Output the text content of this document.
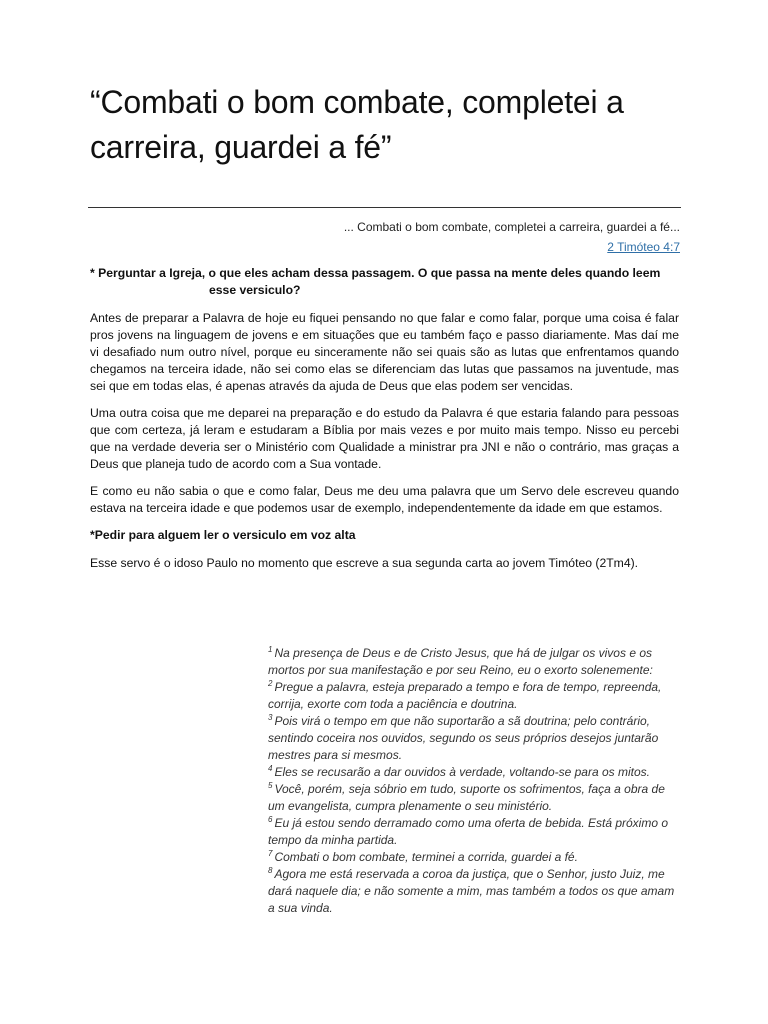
“Combati o bom combate, completei a carreira, guardei a fé”
... Combati o bom combate, completei a carreira, guardei a fé...
2 Timóteo 4:7

* Perguntar a Igreja, o que eles acham dessa passagem. O que passa na mente deles quando leem
esse versiculo?

Antes de preparar a Palavra de hoje eu fiquei pensando no que falar e como falar, porque uma coisa é falar pros jovens na linguagem de jovens e em situações que eu também faço e passo diariamente. Mas daí me vi desafiado num outro nível, porque eu sinceramente não sei quais são as lutas que enfrentamos quando chegamos na terceira idade, não sei como elas se diferenciam das lutas que passamos na juventude, mas sei que em todas elas, é apenas através da ajuda de Deus que elas podem ser vencidas.

Uma outra coisa que me deparei na preparação e do estudo da Palavra é que estaria falando para pessoas que com certeza, já leram e estudaram a Bíblia por mais vezes e por muito mais tempo. Nisso eu percebi que na verdade deveria ser o Ministério com Qualidade a ministrar pra JNI e não o contrário, mas graças a Deus que planeja tudo de acordo com a Sua vontade.

E como eu não sabia o que e como falar, Deus me deu uma palavra que um Servo dele escreveu quando estava na terceira idade e que podemos usar de exemplo, independentemente da idade em que estamos.

*Pedir para alguem ler o versiculo em voz alta

Esse servo é o idoso Paulo no momento que escreve a sua segunda carta ao jovem Timóteo (2Tm4).

$^1$ Na presença de Deus e de Cristo Jesus, que há de julgar os vivos e os mortos por sua manifestação e por seu Reino, eu o exorto solenemente:

$^2$ Pregue a palavra, esteja preparado a tempo e fora de tempo, repreenda, corrija, exorte com toda a paciência e doutrina.

$^3$ Pois virá o tempo em que não suportarão a sã doutrina; pelo contrário, sentindo coceira nos ouvidos, segundo os seus próprios desejos juntarão mestres para si mesmos.

$^4$ Eles se recusarão a dar ouvidos à verdade, voltando-se para os mitos.

$^5$ Você, porém, seja sóbrio em tudo, suporte os sofrimentos, faça a obra de um evangelista, cumpra plenamente o seu ministério.

$^6$ Eu já estou sendo derramado como uma oferta de bebida. Está próximo o tempo da minha partida.

$^7$ Combati o bom combate, terminei a corrida, guardei a fé.

$^8$ Agora me está reservada a coroa da justiça, que o Senhor, justo Juiz, me dará naquele dia; e não somente a mim, mas também a todos os que amam a sua vinda.
